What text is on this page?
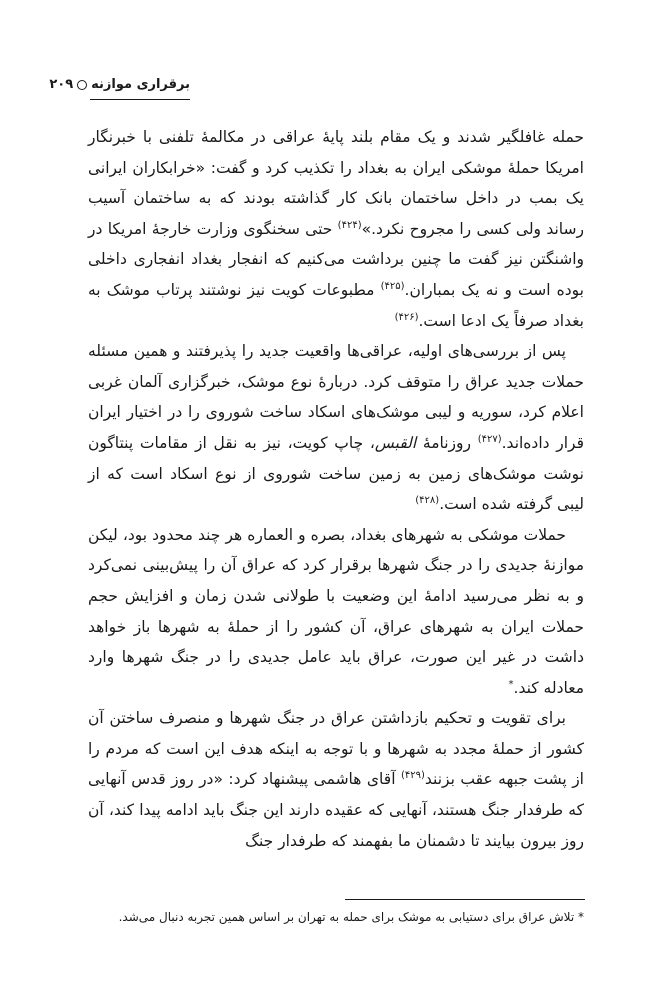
برقراری موازنه۲۰۹

حمله غافلگیر شدند و یک مقام بلند پایهٔ عراقی در مکالمهٔ تلفنی با خبرنگار امریکا حملهٔ موشکی ایران به بغداد را تکذیب کرد و گفت: «خرابکاران ایرانی یک بمب در داخل ساختمان بانک کار گذاشته بودند که به ساختمان آسیب رساند ولی کسی را مجروح نکرد.»$^{(۴۲۴)}$ حتی سخنگوی وزارت خارجهٔ امریکا در واشنگتن نیز گفت ما چنین برداشت می‌کنیم که انفجار بغداد انفجاری داخلی بوده است و نه یک بمباران.$^{(۴۲۵)}$ مطبوعات کویت نیز نوشتند پرتاب موشک به بغداد صرفاً یک ادعا است.$^{(۴۲۶)}$

پس از بررسی‌های اولیه، عراقی‌ها واقعیت جدید را پذیرفتند و همین مسئله حملات جدید عراق را متوقف کرد. دربارهٔ نوع موشک، خبرگزاری آلمان غربی اعلام کرد، سوریه و لیبی موشک‌های اسکاد ساخت شوروی را در اختیار ایران قرار داده‌اند.$^{(۴۲۷)}$ روزنامهٔ القبس، چاپ کویت، نیز به نقل از مقامات پنتاگون نوشت موشک‌های زمین به زمین ساخت شوروی از نوع اسکاد است که از لیبی گرفته شده است.$^{(۴۲۸)}$

حملات موشکی به شهرهای بغداد، بصره و العماره هر چند محدود بود، لیکن موازنهٔ جدیدی را در جنگ شهرها برقرار کرد که عراق آن را پیش‌بینی نمی‌کرد و به نظر می‌رسید ادامهٔ این وضعیت با طولانی شدن زمان و افزایش حجم حملات ایران به شهرهای عراق، آن کشور را از حملهٔ به شهرها باز خواهد داشت در غیر این صورت، عراق باید عامل جدیدی را در جنگ شهرها وارد معادله کند.*

برای تقویت و تحکیم بازداشتن عراق در جنگ شهرها و منصرف ساختن آن کشور از حملهٔ مجدد به شهرها و با توجه به اینکه هدف این است که مردم را از پشت جبهه عقب بزنند$^{(۴۲۹)}$ آقای هاشمی پیشنهاد کرد: «در روز قدس آنهایی که طرفدار جنگ هستند، آنهایی که عقیده دارند این جنگ باید ادامه پیدا کند، آن روز بیرون بیایند تا دشمنان ما بفهمند که طرفدار جنگ

* تلاش عراق برای دستیابی به موشک برای حمله به تهران بر اساس همین تجربه دنبال می‌شد.
